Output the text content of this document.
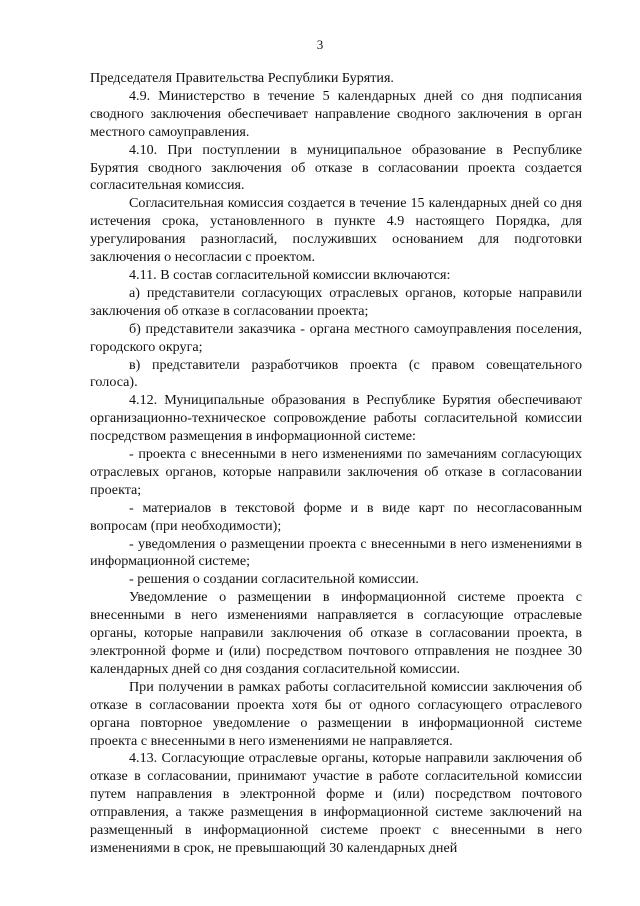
3

Председателя Правительства Республики Бурятия.

4.9. Министерство в течение 5 календарных дней со дня подписания сводного заключения обеспечивает направление сводного заключения в орган местного самоуправления.

4.10. При поступлении в муниципальное образование в Республике Бурятия сводного заключения об отказе в согласовании проекта создается согласительная комиссия.

Согласительная комиссия создается в течение 15 календарных дней со дня истечения срока, установленного в пункте 4.9 настоящего Порядка, для урегулирования разногласий, послуживших основанием для подготовки заключения о несогласии с проектом.

4.11. В состав согласительной комиссии включаются:

а) представители согласующих отраслевых органов, которые направили заключения об отказе в согласовании проекта;

б) представители заказчика - органа местного самоуправления поселения, городского округа;

в) представители разработчиков проекта (с правом совещательного голоса).

4.12. Муниципальные образования в Республике Бурятия обеспечивают организационно-техническое сопровождение работы согласительной комиссии посредством размещения в информационной системе:

- проекта с внесенными в него изменениями по замечаниям согласующих отраслевых органов, которые направили заключения об отказе в согласовании проекта;

- материалов в текстовой форме и в виде карт по несогласованным вопросам (при необходимости);

- уведомления о размещении проекта с внесенными в него изменениями в информационной системе;

- решения о создании согласительной комиссии.

Уведомление о размещении в информационной системе проекта с внесенными в него изменениями направляется в согласующие отраслевые органы, которые направили заключения об отказе в согласовании проекта, в электронной форме и (или) посредством почтового отправления не позднее 30 календарных дней со дня создания согласительной комиссии.

При получении в рамках работы согласительной комиссии заключения об отказе в согласовании проекта хотя бы от одного согласующего отраслевого органа повторное уведомление о размещении в информационной системе проекта с внесенными в него изменениями не направляется.

4.13. Согласующие отраслевые органы, которые направили заключения об отказе в согласовании, принимают участие в работе согласительной комиссии путем направления в электронной форме и (или) посредством почтового отправления, а также размещения в информационной системе заключений на размещенный в информационной системе проект с внесенными в него изменениями в срок, не превышающий 30 календарных дней
